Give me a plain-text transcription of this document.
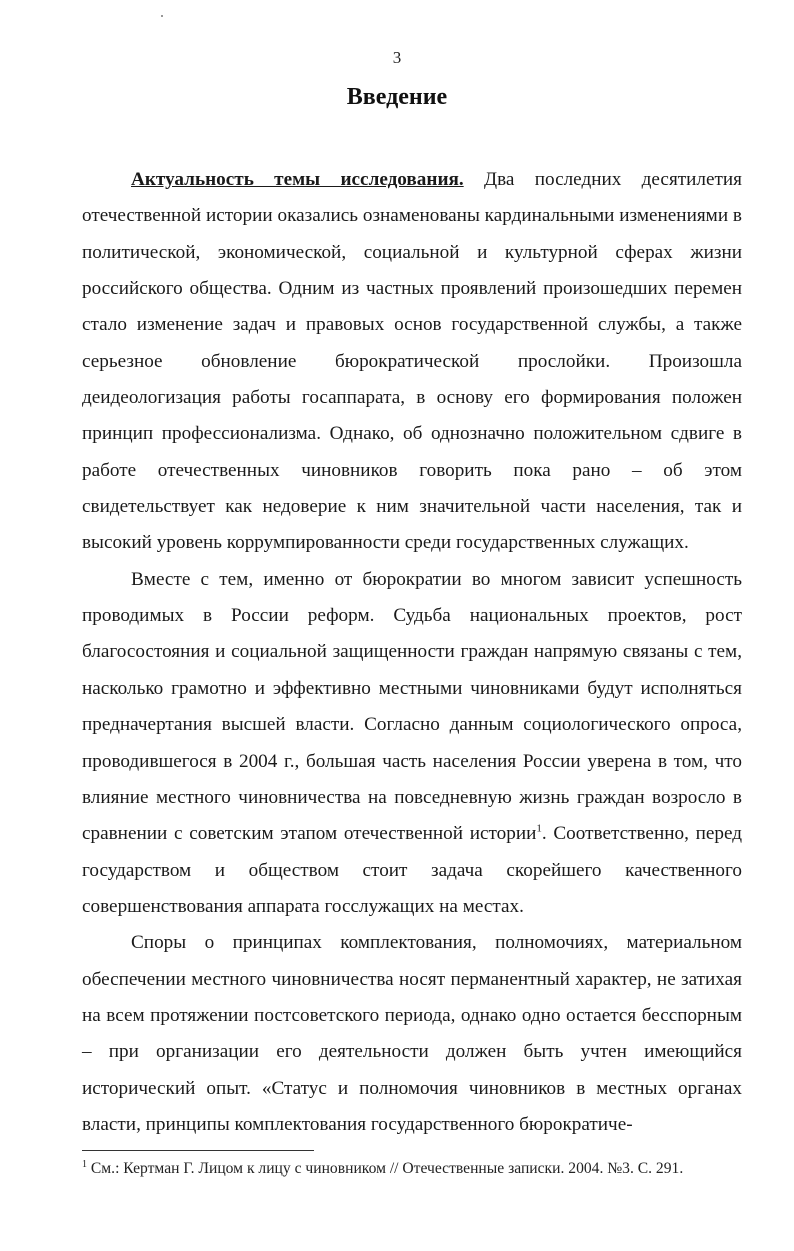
3
Введение

Актуальность темы исследования. Два последних десятилетия отечественной истории оказались ознаменованы кардинальными изменениями в политической, экономической, социальной и культурной сферах жизни российского общества. Одним из частных проявлений произошедших перемен стало изменение задач и правовых основ государственной службы, а также серьезное обновление бюрократической прослойки. Произошла деидеологизация работы госаппарата, в основу его формирования положен принцип профессионализма. Однако, об однозначно положительном сдвиге в работе отечественных чиновников говорить пока рано – об этом свидетельствует как недоверие к ним значительной части населения, так и высокий уровень коррумпированности среди государственных служащих.

Вместе с тем, именно от бюрократии во многом зависит успешность проводимых в России реформ. Судьба национальных проектов, рост благосостояния и социальной защищенности граждан напрямую связаны с тем, насколько грамотно и эффективно местными чиновниками будут исполняться предначертания высшей власти. Согласно данным социологического опроса, проводившегося в 2004 г., большая часть населения России уверена в том, что влияние местного чиновничества на повседневную жизнь граждан возросло в сравнении с советским этапом отечественной истории$^1$. Соответственно, перед государством и обществом стоит задача скорейшего качественного совершенствования аппарата госслужащих на местах.

Споры о принципах комплектования, полномочиях, материальном обеспечении местного чиновничества носят перманентный характер, не затихая на всем протяжении постсоветского периода, однако одно остается бесспорным – при организации его деятельности должен быть учтен имеющийся исторический опыт. «Статус и полномочия чиновников в местных органах власти, принципы комплектования государственного бюрократиче-

$^1$ См.: Кертман Г. Лицом к лицу с чиновником // Отечественные записки. 2004. №3. С. 291.
